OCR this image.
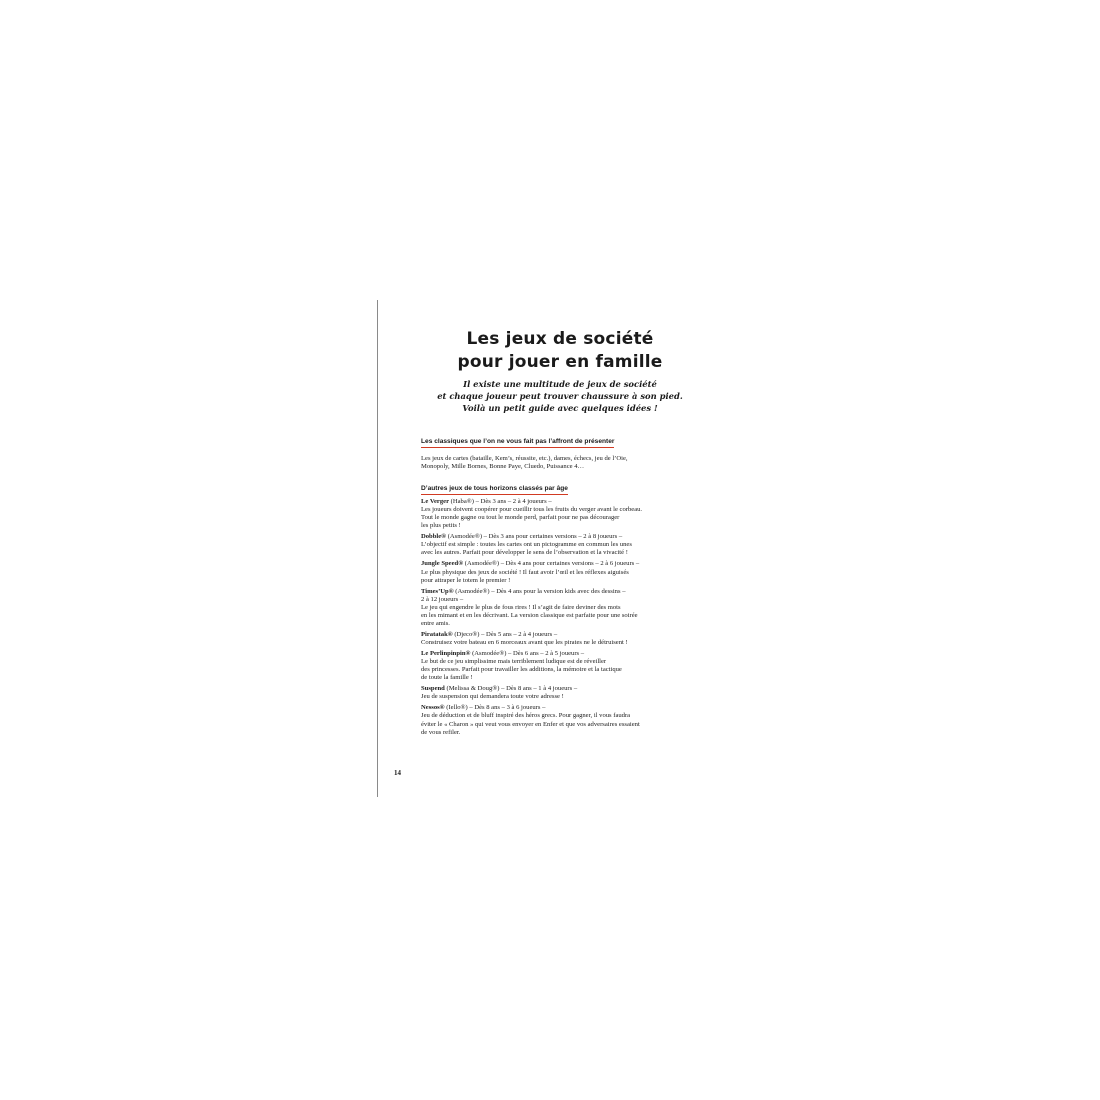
Les jeux de société
pour jouer en famille
Il existe une multitude de jeux de société
et chaque joueur peut trouver chaussure à son pied.
Voilà un petit guide avec quelques idées !
Les classiques que l’on ne vous fait pas l’affront de présenter
Les jeux de cartes (bataille, Kem’s, réussite, etc.), dames, échecs, jeu de l’Oie,
Monopoly, Mille Bornes, Bonne Paye, Cluedo, Puissance 4…
D’autres jeux de tous horizons classés par âge
Le Verger (Haba®) – Dès 3 ans – 2 à 4 joueurs –
Les joueurs doivent coopérer pour cueillir tous les fruits du verger avant le corbeau.
Tout le monde gagne ou tout le monde perd, parfait pour ne pas décourager
les plus petits !
Dobble® (Asmodée®) – Dès 3 ans pour certaines versions – 2 à 8 joueurs –
L’objectif est simple : toutes les cartes ont un pictogramme en commun les unes
avec les autres. Parfait pour développer le sens de l’observation et la vivacité !
Jungle Speed® (Asmodée®) – Dès 4 ans pour certaines versions – 2 à 6 joueurs –
Le plus physique des jeux de société ! Il faut avoir l’œil et les réflexes aiguisés
pour attraper le totem le premier !
Times’Up® (Asmodée®) – Dès 4 ans pour la version kids avec des dessins –
2 à 12 joueurs –
Le jeu qui engendre le plus de fous rires ! Il s’agit de faire deviner des mots
en les mimant et en les décrivant. La version classique est parfaite pour une soirée
entre amis.
Piratatak® (Djeco®) – Dès 5 ans – 2 à 4 joueurs –
Construisez votre bateau en 6 morceaux avant que les pirates ne le détruisent !
Le Perlinpinpin® (Asmodée®) – Dès 6 ans – 2 à 5 joueurs –
Le but de ce jeu simplissime mais terriblement ludique est de réveiller
des princesses. Parfait pour travailler les additions, la mémoire et la tactique
de toute la famille !
Suspend (Melissa & Doug®) – Dès 8 ans – 1 à 4 joueurs –
Jeu de suspension qui demandera toute votre adresse !
Nessos® (Iello®) – Dès 8 ans – 3 à 6 joueurs –
Jeu de déduction et de bluff inspiré des héros grecs. Pour gagner, il vous faudra
éviter le « Charon » qui veut vous envoyer en Enfer et que vos adversaires essaient
de vous refiler.
14
